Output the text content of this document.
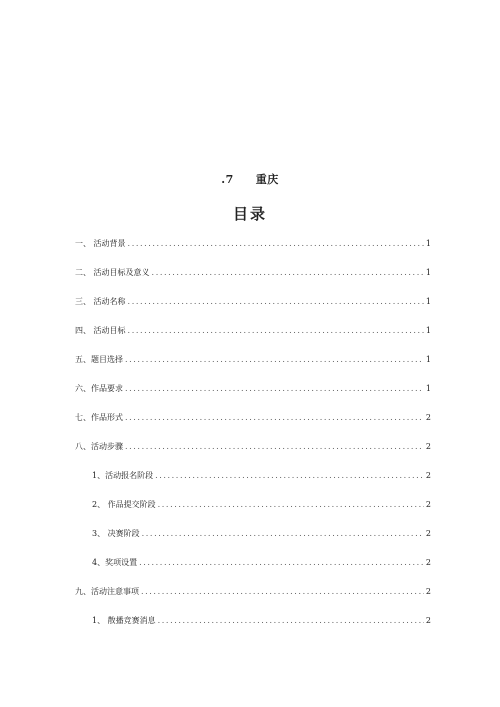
.7 重庆
目录
一、 活动背景 .....	1
二、 活动目标及意义 .....	1
三、 活动名称 .....	1
四、 活动目标 .....	1
五、题目选择 .....	1
六、作品要求 .....	1
七、作品形式 .....	2
八、活动步骤 .....	2
1、活动报名阶段 .....	2
2、 作品提交阶段 .....	2
3、 决赛阶段 .....	2
4、奖项设置 .....	2
九、活动注意事项 .....	2
1、 散播竞赛消息 .....	2
